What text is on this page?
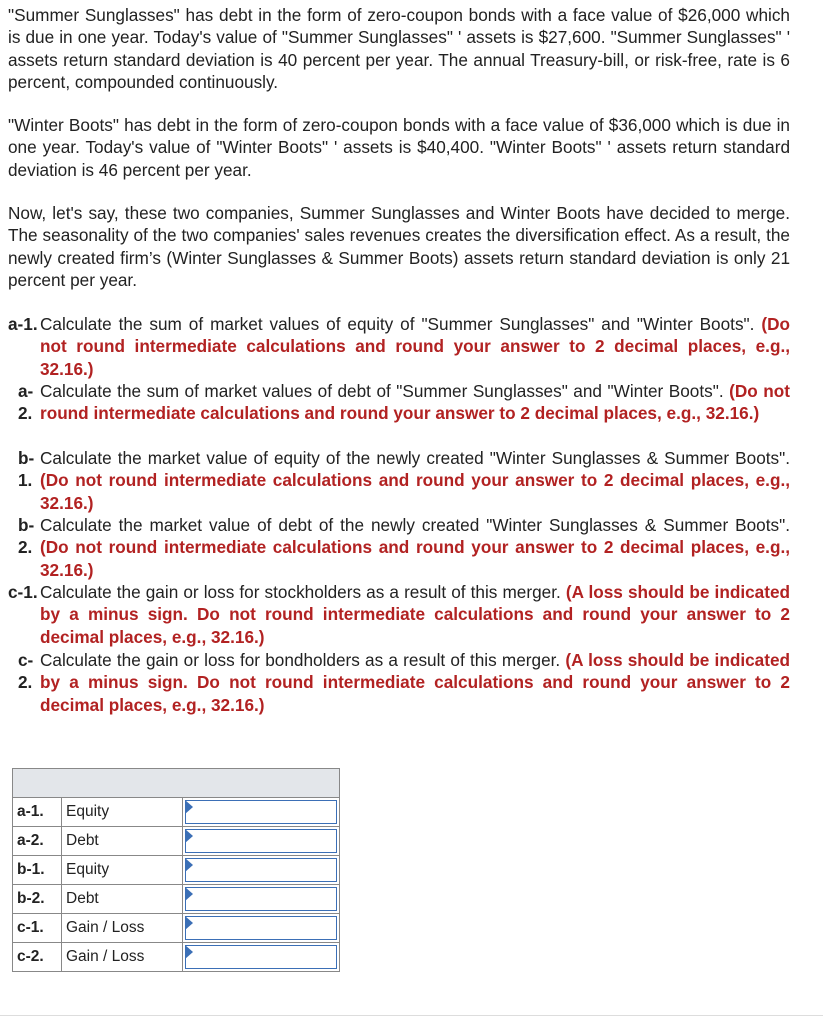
"Summer Sunglasses" has debt in the form of zero-coupon bonds with a face value of $26,000 which is due in one year. Today's value of "Summer Sunglasses" ' assets is $27,600. "Summer Sunglasses" ' assets return standard deviation is 40 percent per year. The annual Treasury-bill, or risk-free, rate is 6 percent, compounded continuously.
"Winter Boots" has debt in the form of zero-coupon bonds with a face value of $36,000 which is due in one year. Today's value of "Winter Boots" ' assets is $40,400. "Winter Boots" ' assets return standard deviation is 46 percent per year.
Now, let's say, these two companies, Summer Sunglasses and Winter Boots have decided to merge. The seasonality of the two companies' sales revenues creates the diversification effect. As a result, the newly created firm’s (Winter Sunglasses & Summer Boots) assets return standard deviation is only 21 percent per year.
a-1. Calculate the sum of market values of equity of "Summer Sunglasses" and "Winter Boots". (Do not round intermediate calculations and round your answer to 2 decimal places, e.g., 32.16.)
a-
2.
Calculate the sum of market values of debt of "Summer Sunglasses" and "Winter Boots". (Do not round intermediate calculations and round your answer to 2 decimal places, e.g., 32.16.)
b-
1.
Calculate the market value of equity of the newly created "Winter Sunglasses & Summer Boots". (Do not round intermediate calculations and round your answer to 2 decimal places, e.g., 32.16.)
b-
2.
Calculate the market value of debt of the newly created "Winter Sunglasses & Summer Boots". (Do not round intermediate calculations and round your answer to 2 decimal places, e.g., 32.16.)
c-1. Calculate the gain or loss for stockholders as a result of this merger. (A loss should be indicated by a minus sign. Do not round intermediate calculations and round your answer to 2 decimal places, e.g., 32.16.)
c-
2.
Calculate the gain or loss for bondholders as a result of this merger. (A loss should be indicated by a minus sign. Do not round intermediate calculations and round your answer to 2 decimal places, e.g., 32.16.)

a-1.	Equity	

a-2.	Debt	

b-1.	Equity	

b-2.	Debt	

c-1.	Gain / Loss	

c-2.	Gain / Loss	
